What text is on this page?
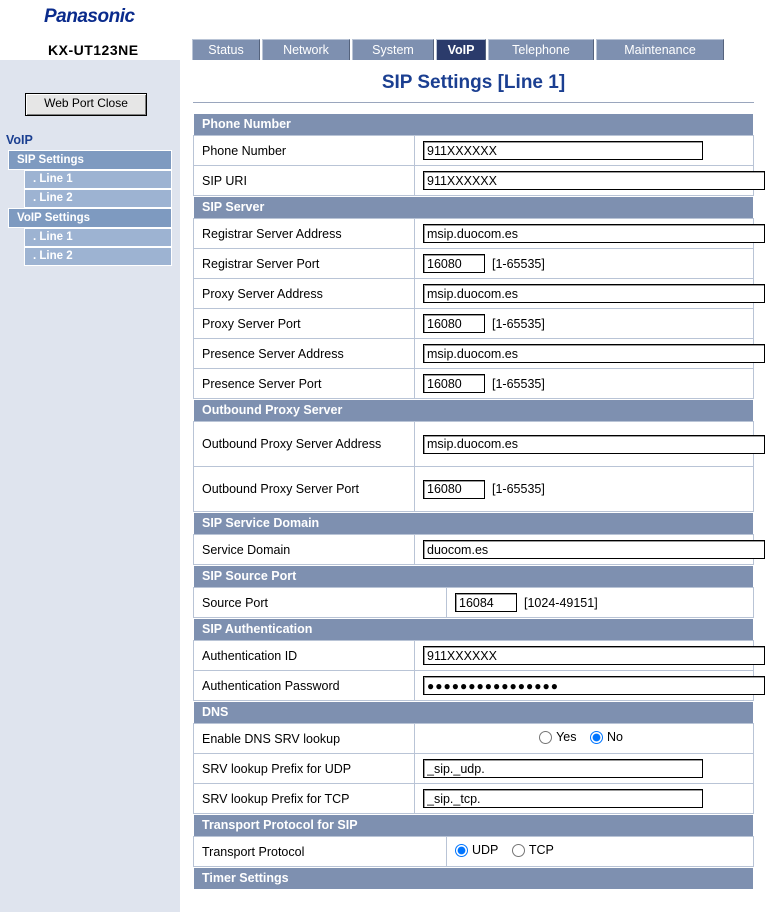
Panasonic
KX-UT123NE	Status	Network	System	VoIP	Telephone	Maintenance
Web Port Close
VoIP
SIP Settings
. Line 1
. Line 2
VoIP Settings
. Line 1
. Line 2
SIP Settings [Line 1]
Phone Number
Phone Number	911XXXXXX
SIP URI	911XXXXXX
SIP Server
Registrar Server Address	msip.duocom.es
Registrar Server Port	16080[1-65535]
Proxy Server Address	msip.duocom.es
Proxy Server Port	16080[1-65535]
Presence Server Address	msip.duocom.es
Presence Server Port	16080[1-65535]
Outbound Proxy Server
Outbound Proxy Server Address	msip.duocom.es
Outbound Proxy Server Port	16080[1-65535]
SIP Service Domain
Service Domain	duocom.es
SIP Source Port
Source Port	16084[1024-49151]
SIP Authentication
Authentication ID	911XXXXXX
Authentication Password	●●●●●●●●●●●●●●●●
DNS
Enable DNS SRV lookup	Yes
No

SRV lookup Prefix for UDP	_sip._udp.
SRV lookup Prefix for TCP	_sip._tcp.
Transport Protocol for SIP
Transport Protocol	UDP
TCP
Timer Settings
